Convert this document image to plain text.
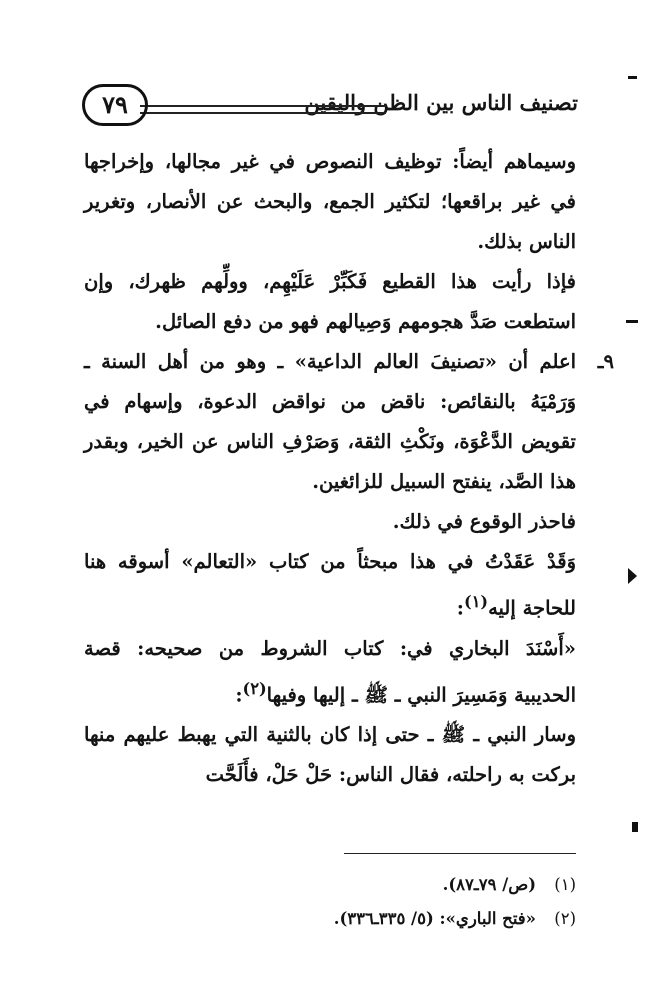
تصنيف الناس بين الظن واليقين
٧٩

وسيماهم أيضاً: توظيف النصوص في غير مجالها، وإخراجها في غير براقعها؛ لتكثير الجمع، والبحث عن الأنصار، وتغرير الناس بذلك.

فإذا رأيت هذا القطيع فَكَبِّرْ عَلَيْهِم، وولِّهم ظهرك، وإن استطعت صَدَّ هجومهم وَصِيالهم فهو من دفع الصائل.

٩ـ
اعلم أن «تصنيفَ العالم الداعية» ـ وهو من أهل السنة ـ وَرَمْيَهُ بالنقائص: ناقض من نواقض الدعوة، وإسهام في تقويض الدَّعْوَة، ونَكْثِ الثقة، وَصَرْفِ الناس عن الخير، وبقدر هذا الصَّد، ينفتح السبيل للزائغين.

فاحذر الوقوع في ذلك.

وَقَدْ عَقَدْتُ في هذا مبحثاً من كتاب «التعالم» أسوقه هنا للحاجة إليه$^{(١)}$:

«أَسْنَدَ البخاري في: كتاب الشروط من صحيحه: قصة الحديبية وَمَسِيرَ النبي ـ ﷺ ـ إليها وفيها$^{(٢)}$:

وسار النبي ـ ﷺ ـ حتى إذا كان بالثنية التي يهبط عليهم منها بركت به راحلته، فقال الناس: حَلْ حَلْ، فأَلَحَّت

(١)
(ص/ ٧٩ـ٨٧).
(٢)
«فتح الباري»: (٥/ ٣٣٥ـ٣٣٦).
